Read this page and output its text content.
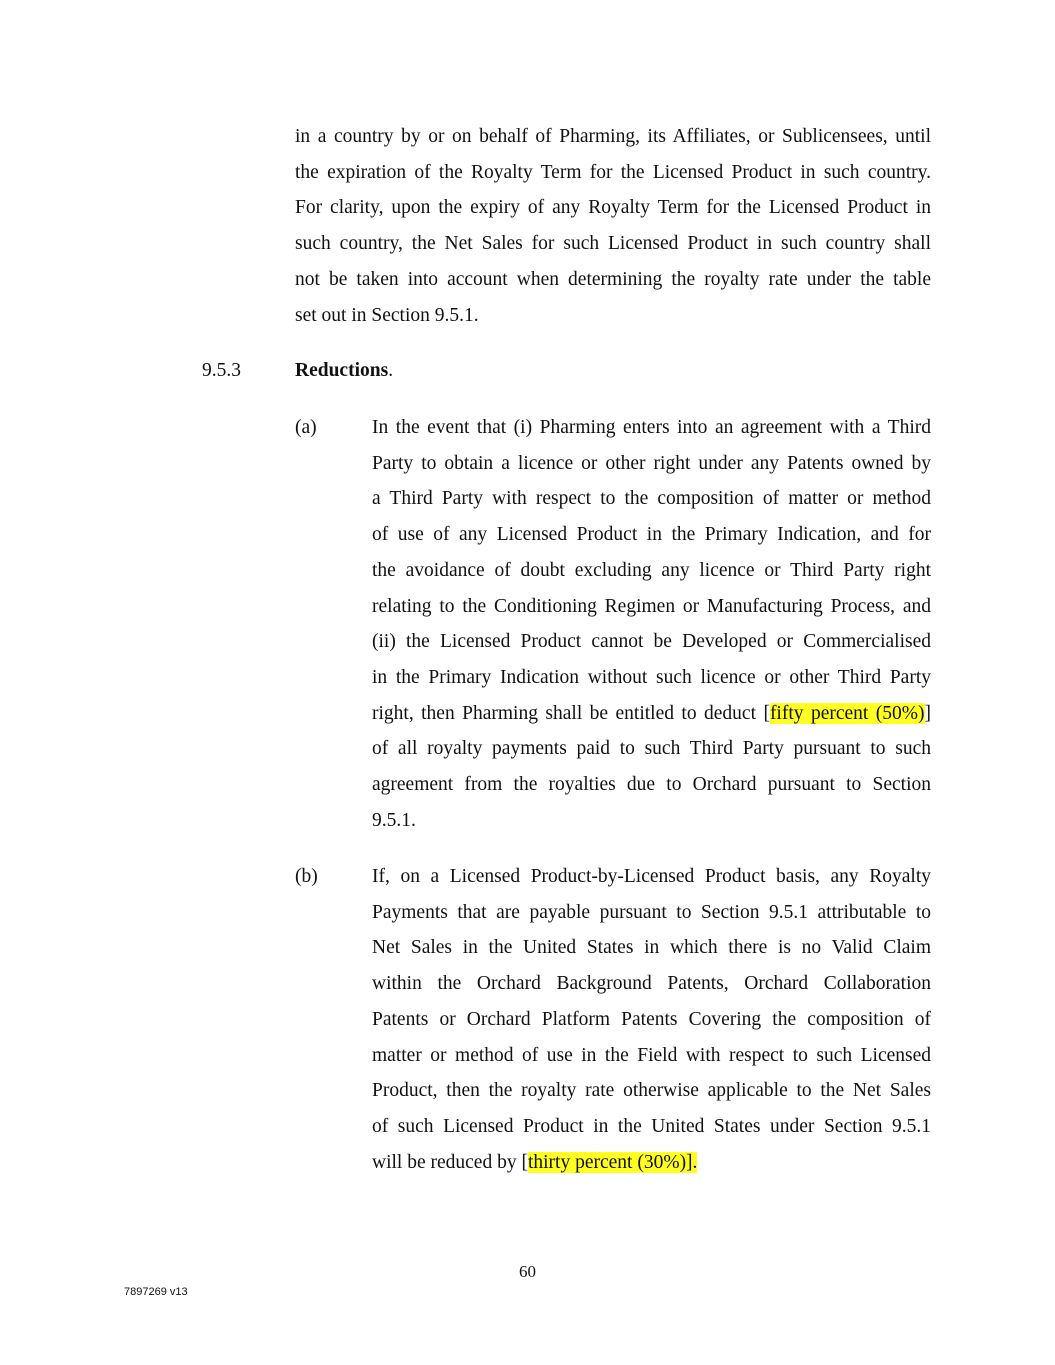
in a country by or on behalf of Pharming, its Affiliates, or Sublicensees, until
the expiration of the Royalty Term for the Licensed Product in such country.
For clarity, upon the expiry of any Royalty Term for the Licensed Product in
such country, the Net Sales for such Licensed Product in such country shall
not be taken into account when determining the royalty rate under the table
set out in Section 9.5.1.
9.5.3	Reductions.
(a)	In the event that (i) Pharming enters into an agreement with a Third
Party to obtain a licence or other right under any Patents owned by
a Third Party with respect to the composition of matter or method
of use of any Licensed Product in the Primary Indication, and for
the avoidance of doubt excluding any licence or Third Party right
relating to the Conditioning Regimen or Manufacturing Process, and
(ii) the Licensed Product cannot be Developed or Commercialised
in the Primary Indication without such licence or other Third Party
right, then Pharming shall be entitled to deduct [fifty percent (50%)]
of all royalty payments paid to such Third Party pursuant to such
agreement from the royalties due to Orchard pursuant to Section
9.5.1.
(b)	If, on a Licensed Product-by-Licensed Product basis, any Royalty
Payments that are payable pursuant to Section 9.5.1 attributable to
Net Sales in the United States in which there is no Valid Claim
within the Orchard Background Patents, Orchard Collaboration
Patents or Orchard Platform Patents Covering the composition of
matter or method of use in the Field with respect to such Licensed
Product, then the royalty rate otherwise applicable to the Net Sales
of such Licensed Product in the United States under Section 9.5.1
will be reduced by [thirty percent (30%)].
60
7897269 v13
